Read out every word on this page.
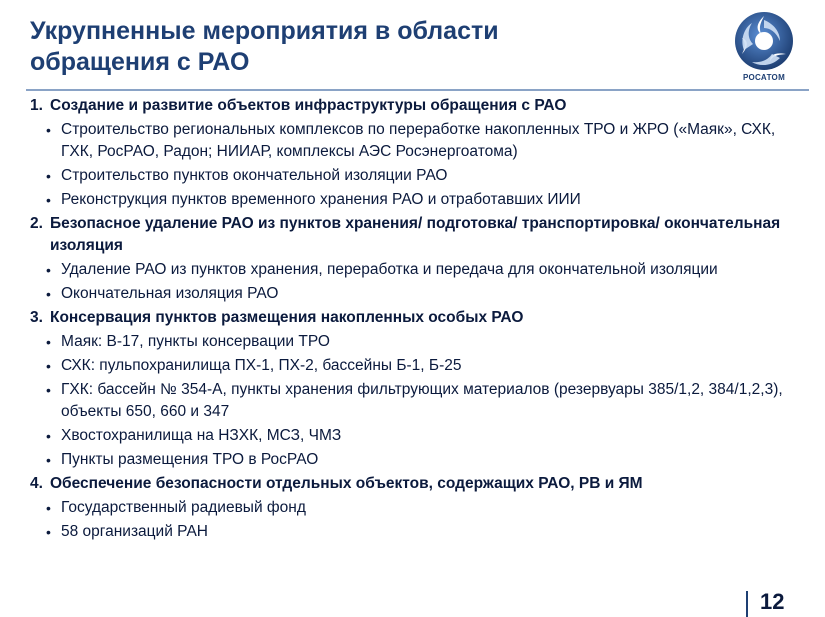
Укрупненные мероприятия в области
обращения с РАО
РОСАТОМ
1. Создание и развитие объектов инфраструктуры обращения с РАО
• Строительство региональных комплексов по переработке накопленных ТРО и ЖРО («Маяк», СХК, ГХК, РосРАО, Радон; НИИАР, комплексы АЭС Росэнергоатома)
• Строительство пунктов окончательной изоляции РАО
• Реконструкция пунктов временного хранения РАО и отработавших ИИИ
2. Безопасное удаление РАО из пунктов хранения/ подготовка/ транспортировка/ окончательная изоляция
• Удаление РАО из пунктов хранения, переработка и передача для окончательной изоляции
• Окончательная изоляция РАО
3. Консервация пунктов размещения накопленных особых РАО
• Маяк: В-17, пункты консервации ТРО
• СХК: пульпохранилища ПХ-1, ПХ-2, бассейны Б-1, Б-25
• ГХК: бассейн № 354-А, пункты хранения фильтрующих материалов (резервуары 385/1,2, 384/1,2,3), объекты 650, 660 и 347
• Хвостохранилища на НЗХК, МСЗ, ЧМЗ
• Пункты размещения ТРО в РосРАО
4. Обеспечение безопасности отдельных объектов, содержащих РАО, РВ и ЯМ
• Государственный радиевый фонд
• 58 организаций РАН
12
